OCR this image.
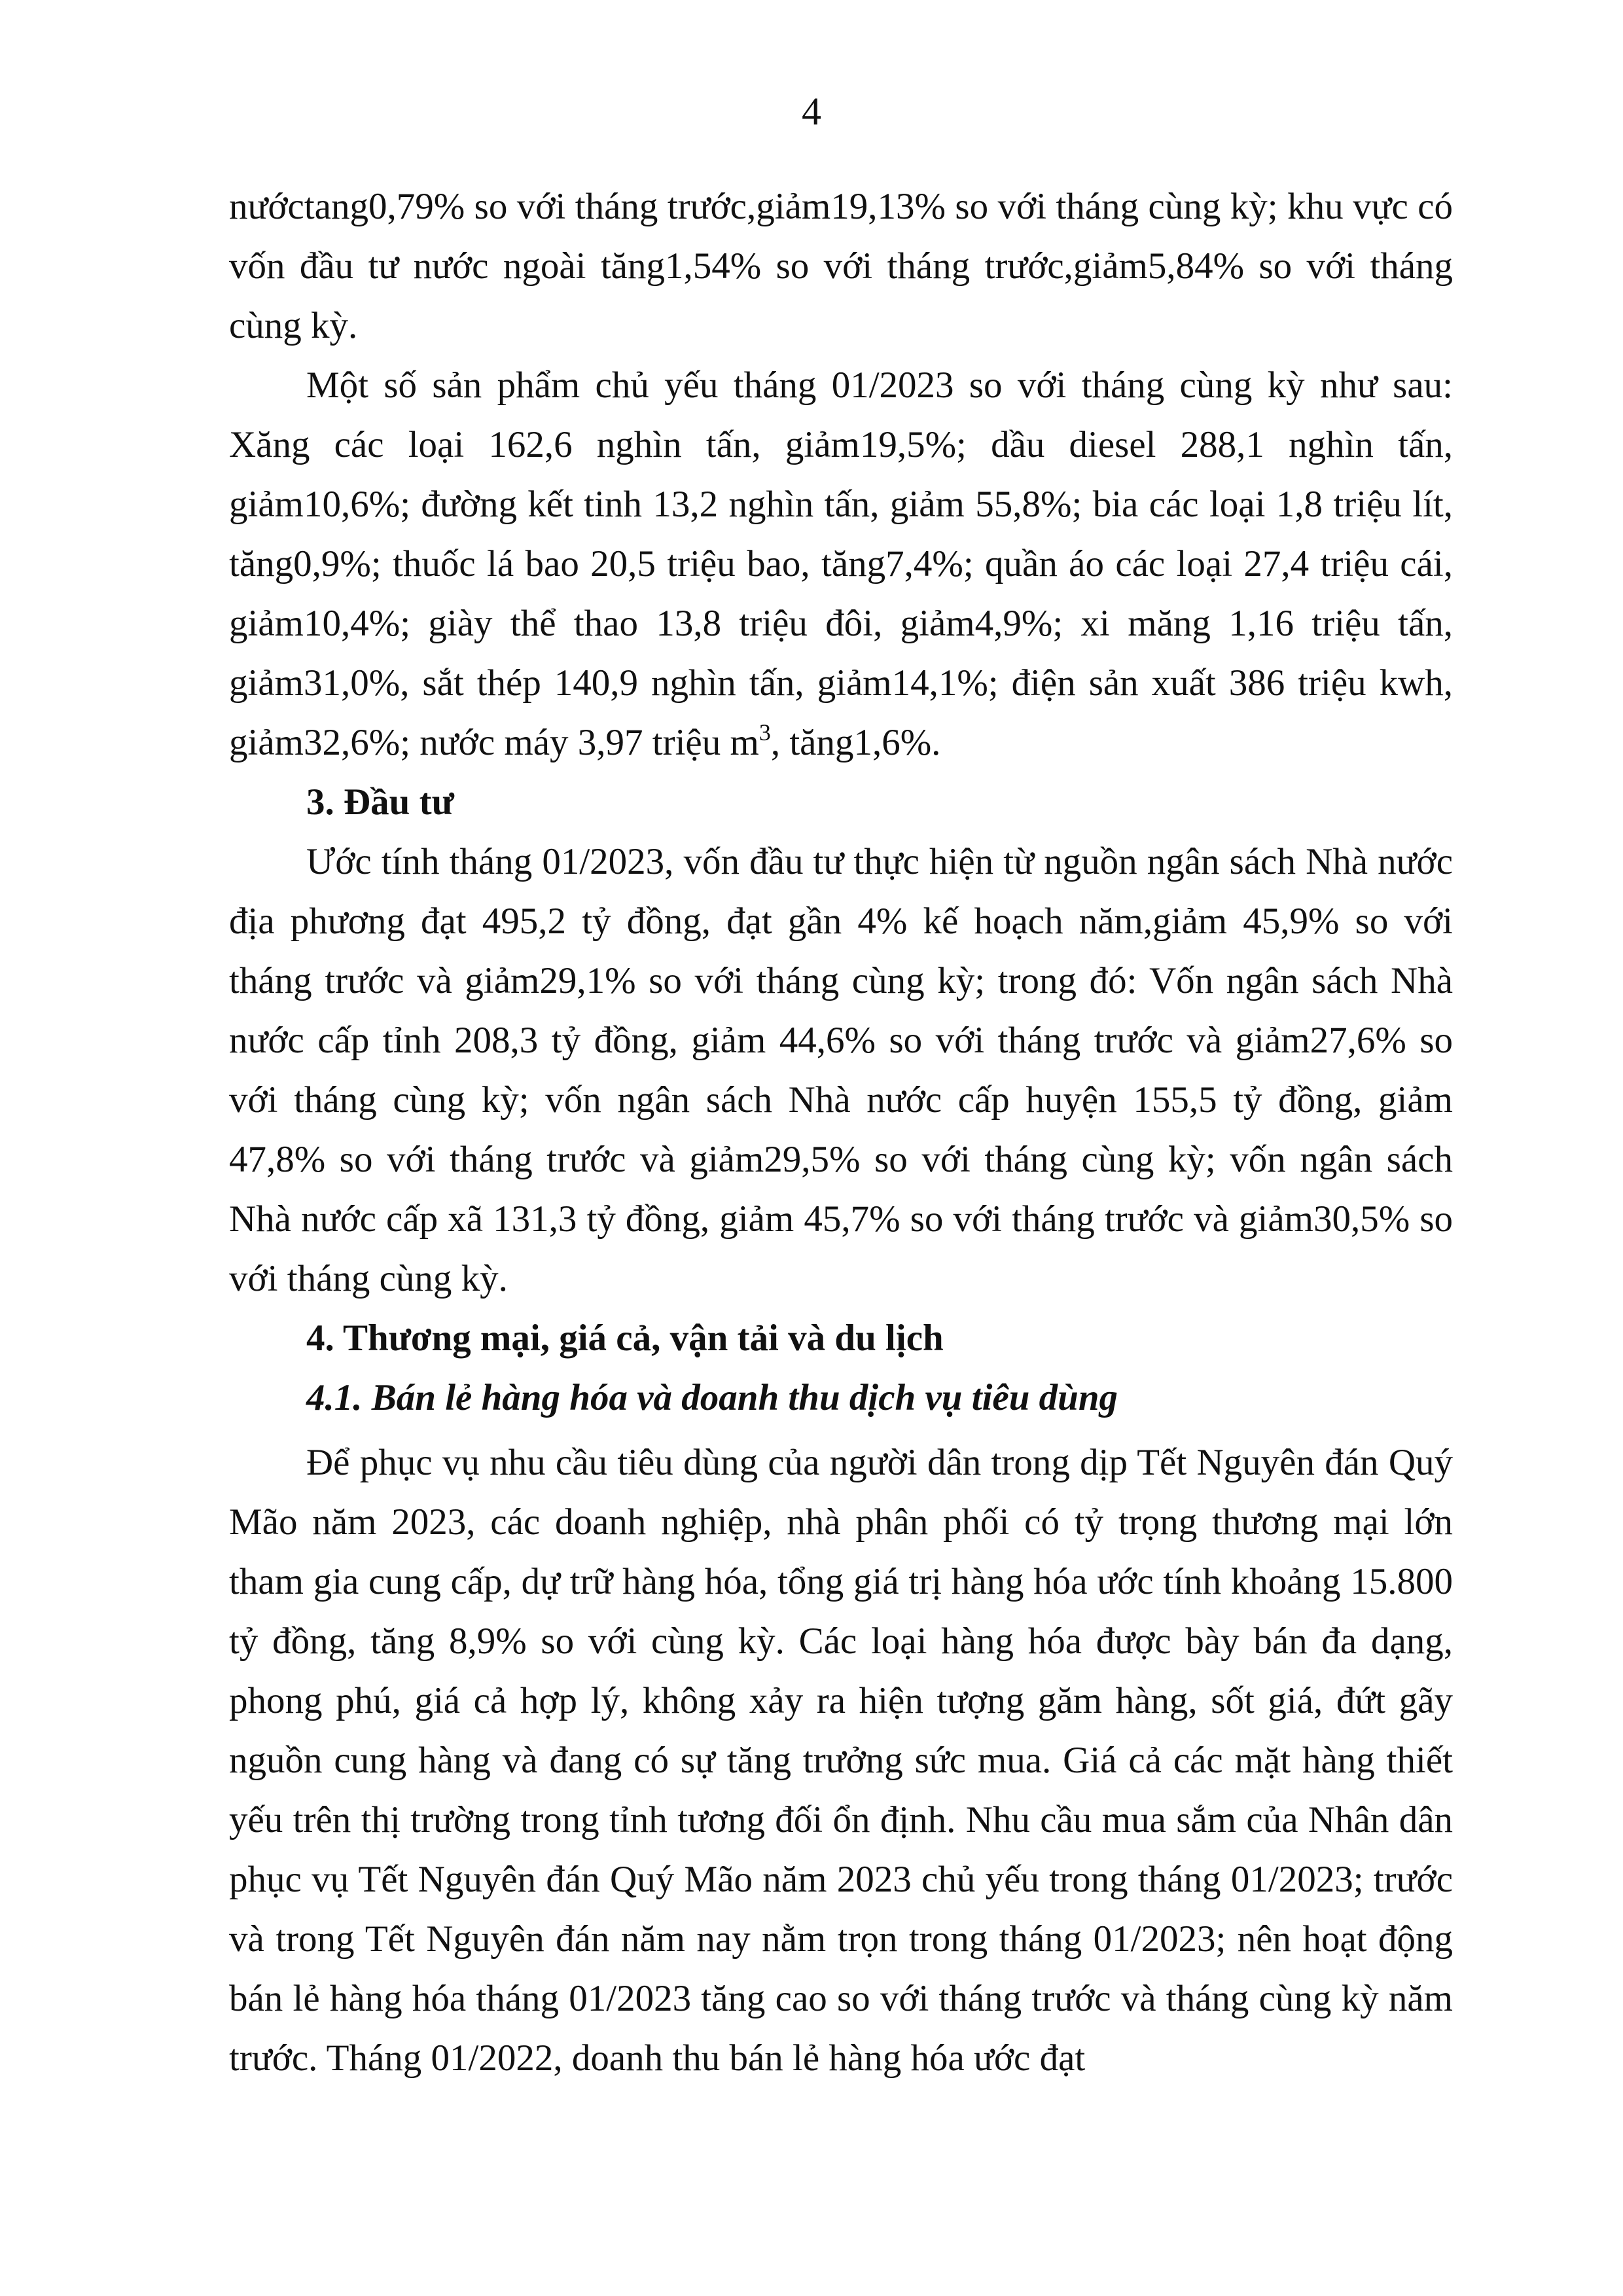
4

nướctang0,79% so với tháng trước,giảm19,13% so với tháng cùng kỳ; khu vực có vốn đầu tư nước ngoài tăng1,54% so với tháng trước,giảm5,84% so với tháng cùng kỳ.

Một số sản phẩm chủ yếu tháng 01/2023 so với tháng cùng kỳ như sau: Xăng các loại 162,6 nghìn tấn, giảm19,5%; dầu diesel 288,1 nghìn tấn, giảm10,6%; đường kết tinh 13,2 nghìn tấn, giảm 55,8%; bia các loại 1,8 triệu lít, tăng0,9%; thuốc lá bao 20,5 triệu bao, tăng7,4%; quần áo các loại 27,4 triệu cái, giảm10,4%; giày thể thao 13,8 triệu đôi, giảm4,9%; xi măng 1,16 triệu tấn, giảm31,0%, sắt thép 140,9 nghìn tấn, giảm14,1%; điện sản xuất 386 triệu kwh, giảm32,6%; nước máy 3,97 triệu $m^3$, tăng1,6%.

3. Đầu tư

Ước tính tháng 01/2023, vốn đầu tư thực hiện từ nguồn ngân sách Nhà nước địa phương đạt 495,2 tỷ đồng, đạt gần 4% kế hoạch năm,giảm 45,9% so với tháng trước và giảm29,1% so với tháng cùng kỳ; trong đó: Vốn ngân sách Nhà nước cấp tỉnh 208,3 tỷ đồng, giảm 44,6% so với tháng trước và giảm27,6% so với tháng cùng kỳ; vốn ngân sách Nhà nước cấp huyện 155,5 tỷ đồng, giảm 47,8% so với tháng trước và giảm29,5% so với tháng cùng kỳ; vốn ngân sách Nhà nước cấp xã 131,3 tỷ đồng, giảm 45,7% so với tháng trước và giảm30,5% so với tháng cùng kỳ.

4. Thương mại, giá cả, vận tải và du lịch

4.1. Bán lẻ hàng hóa và doanh thu dịch vụ tiêu dùng

Để phục vụ nhu cầu tiêu dùng của người dân trong dịp Tết Nguyên đán Quý Mão năm 2023, các doanh nghiệp, nhà phân phối có tỷ trọng thương mại lớn tham gia cung cấp, dự trữ hàng hóa, tổng giá trị hàng hóa ước tính khoảng 15.800 tỷ đồng, tăng 8,9% so với cùng kỳ. Các loại hàng hóa được bày bán đa dạng, phong phú, giá cả hợp lý, không xảy ra hiện tượng găm hàng, sốt giá, đứt gãy nguồn cung hàng và đang có sự tăng trưởng sức mua. Giá cả các mặt hàng thiết yếu trên thị trường trong tỉnh tương đối ổn định. Nhu cầu mua sắm của Nhân dân phục vụ Tết Nguyên đán Quý Mão năm 2023 chủ yếu trong tháng 01/2023; trước và trong Tết Nguyên đán năm nay nằm trọn trong tháng 01/2023; nên hoạt động bán lẻ hàng hóa tháng 01/2023 tăng cao so với tháng trước và tháng cùng kỳ năm trước. Tháng 01/2022, doanh thu bán lẻ hàng hóa ước đạt
